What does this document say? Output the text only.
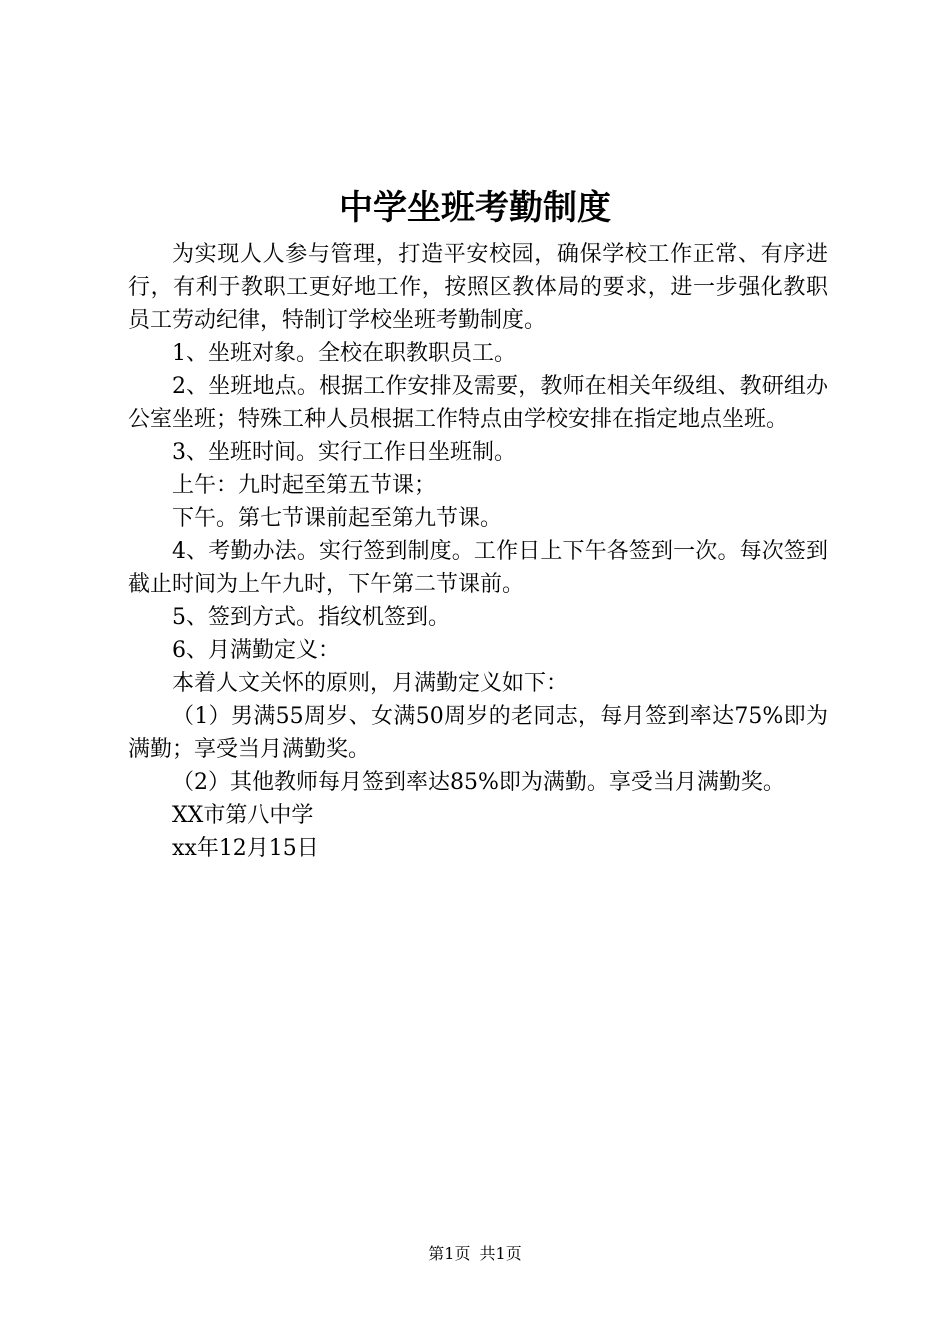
中学坐班考勤制度

为实现人人参与管理，打造平安校园，确保学校工作正常、有序进行，有利于教职工更好地工作，按照区教体局的要求，进一步强化教职员工劳动纪律，特制订学校坐班考勤制度。

1、坐班对象。全校在职教职员工。

2、坐班地点。根据工作安排及需要，教师在相关年级组、教研组办公室坐班；特殊工种人员根据工作特点由学校安排在指定地点坐班。

3、坐班时间。实行工作日坐班制。

上午：九时起至第五节课；

下午。第七节课前起至第九节课。

4、考勤办法。实行签到制度。工作日上下午各签到一次。每次签到截止时间为上午九时，下午第二节课前。

5、签到方式。指纹机签到。

6、月满勤定义：

本着人文关怀的原则，月满勤定义如下：

（1）男满55周岁、女满50周岁的老同志，每月签到率达75%即为满勤；享受当月满勤奖。

（2）其他教师每月签到率达85%即为满勤。享受当月满勤奖。

XX市第八中学

xx年12月15日

第1页 共1页
